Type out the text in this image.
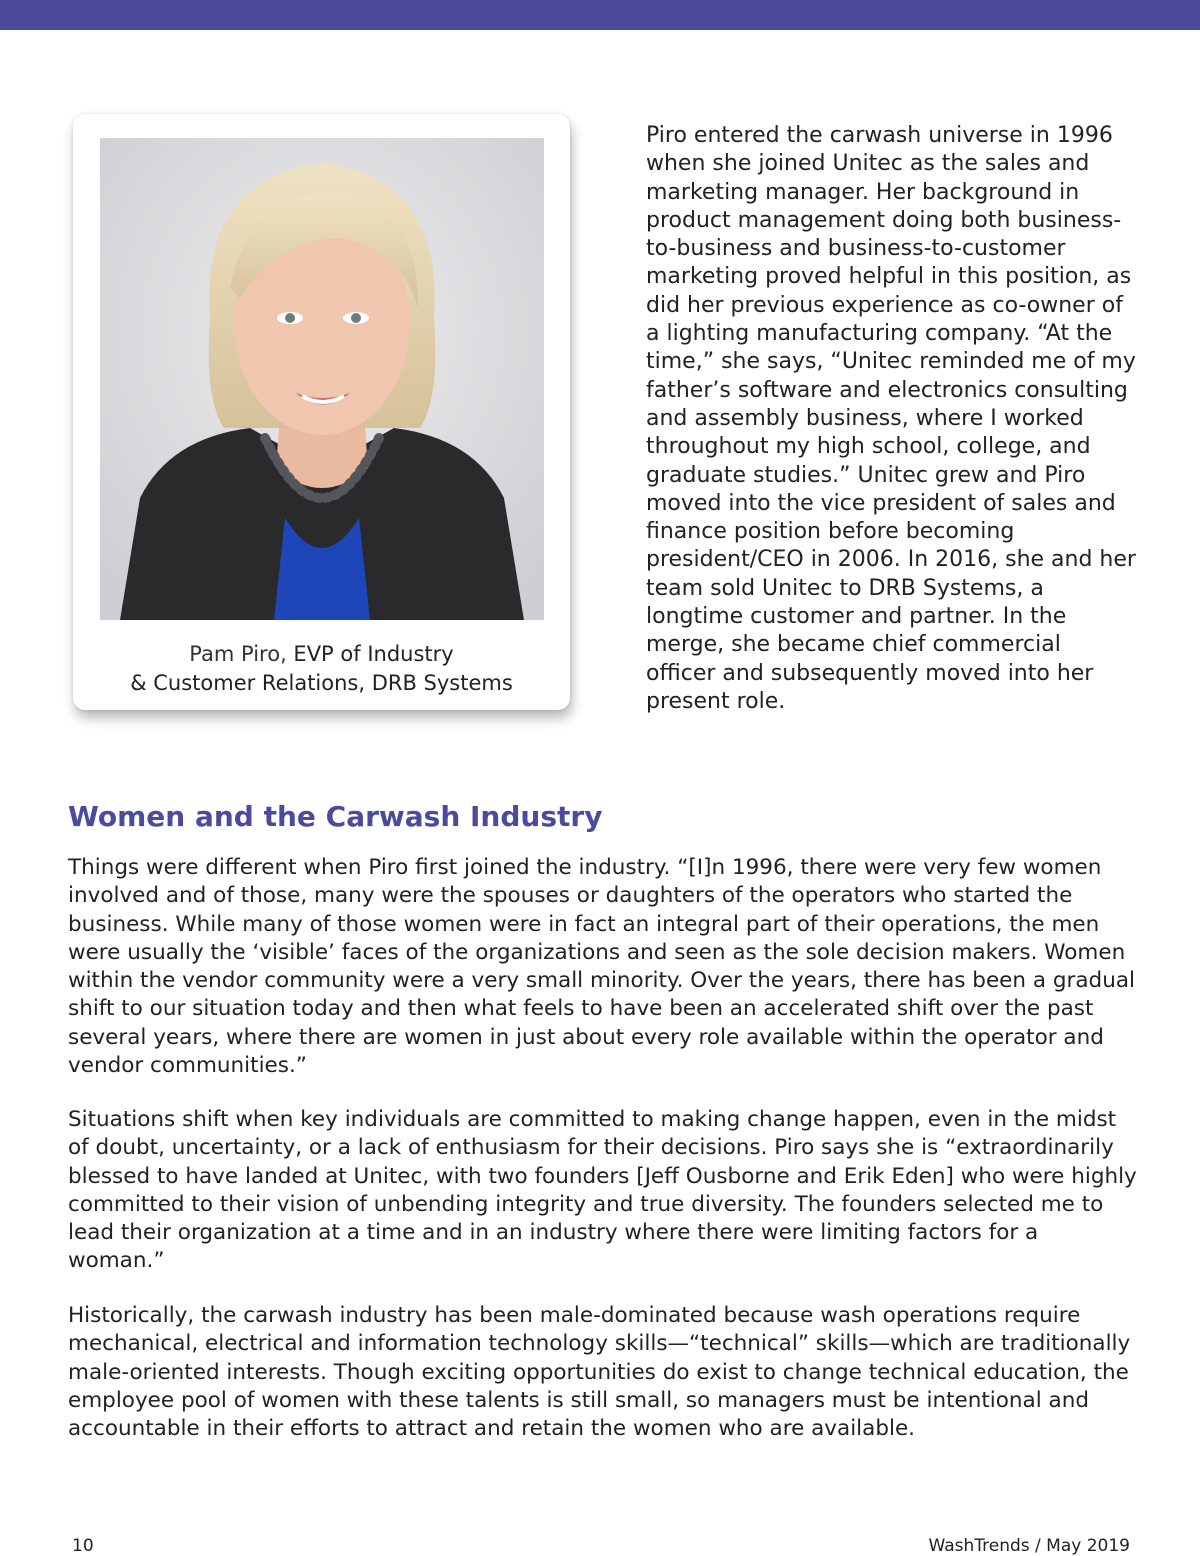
Pam Piro, EVP of Industry
& Customer Relations, DRB Systems

Piro entered the carwash universe in 1996 when she joined Unitec as the sales and marketing manager. Her background in product management doing both business-to-business and business-to-customer marketing proved helpful in this position, as did her previous experience as co-owner of a lighting manufacturing company. “At the time,” she says, “Unitec reminded me of my father’s software and electronics consulting and assembly business, where I worked throughout my high school, college, and graduate studies.” Unitec grew and Piro moved into the vice president of sales and finance position before becoming president/CEO in 2006. In 2016, she and her team sold Unitec to DRB Systems, a longtime customer and partner. In the merge, she became chief commercial officer and subsequently moved into her present role.

Women and the Carwash Industry

Things were different when Piro first joined the industry. “[I]n 1996, there were very few women involved and of those, many were the spouses or daughters of the operators who started the business. While many of those women were in fact an integral part of their operations, the men were usually the ‘visible’ faces of the organizations and seen as the sole decision makers. Women within the vendor community were a very small minority. Over the years, there has been a gradual shift to our situation today and then what feels to have been an accelerated shift over the past several years, where there are women in just about every role available within the operator and vendor communities.”

Situations shift when key individuals are committed to making change happen, even in the midst of doubt, uncertainty, or a lack of enthusiasm for their decisions. Piro says she is “extraordinarily blessed to have landed at Unitec, with two founders [Jeff Ousborne and Erik Eden] who were highly committed to their vision of unbending integrity and true diversity. The founders selected me to lead their organization at a time and in an industry where there were limiting factors for a woman.”

Historically, the carwash industry has been male-dominated because wash operations require mechanical, electrical and information technology skills—“technical” skills—which are traditionally male-oriented interests. Though exciting opportunities do exist to change technical education, the employee pool of women with these talents is still small, so managers must be intentional and accountable in their efforts to attract and retain the women who are available.

10	WashTrends / May 2019
